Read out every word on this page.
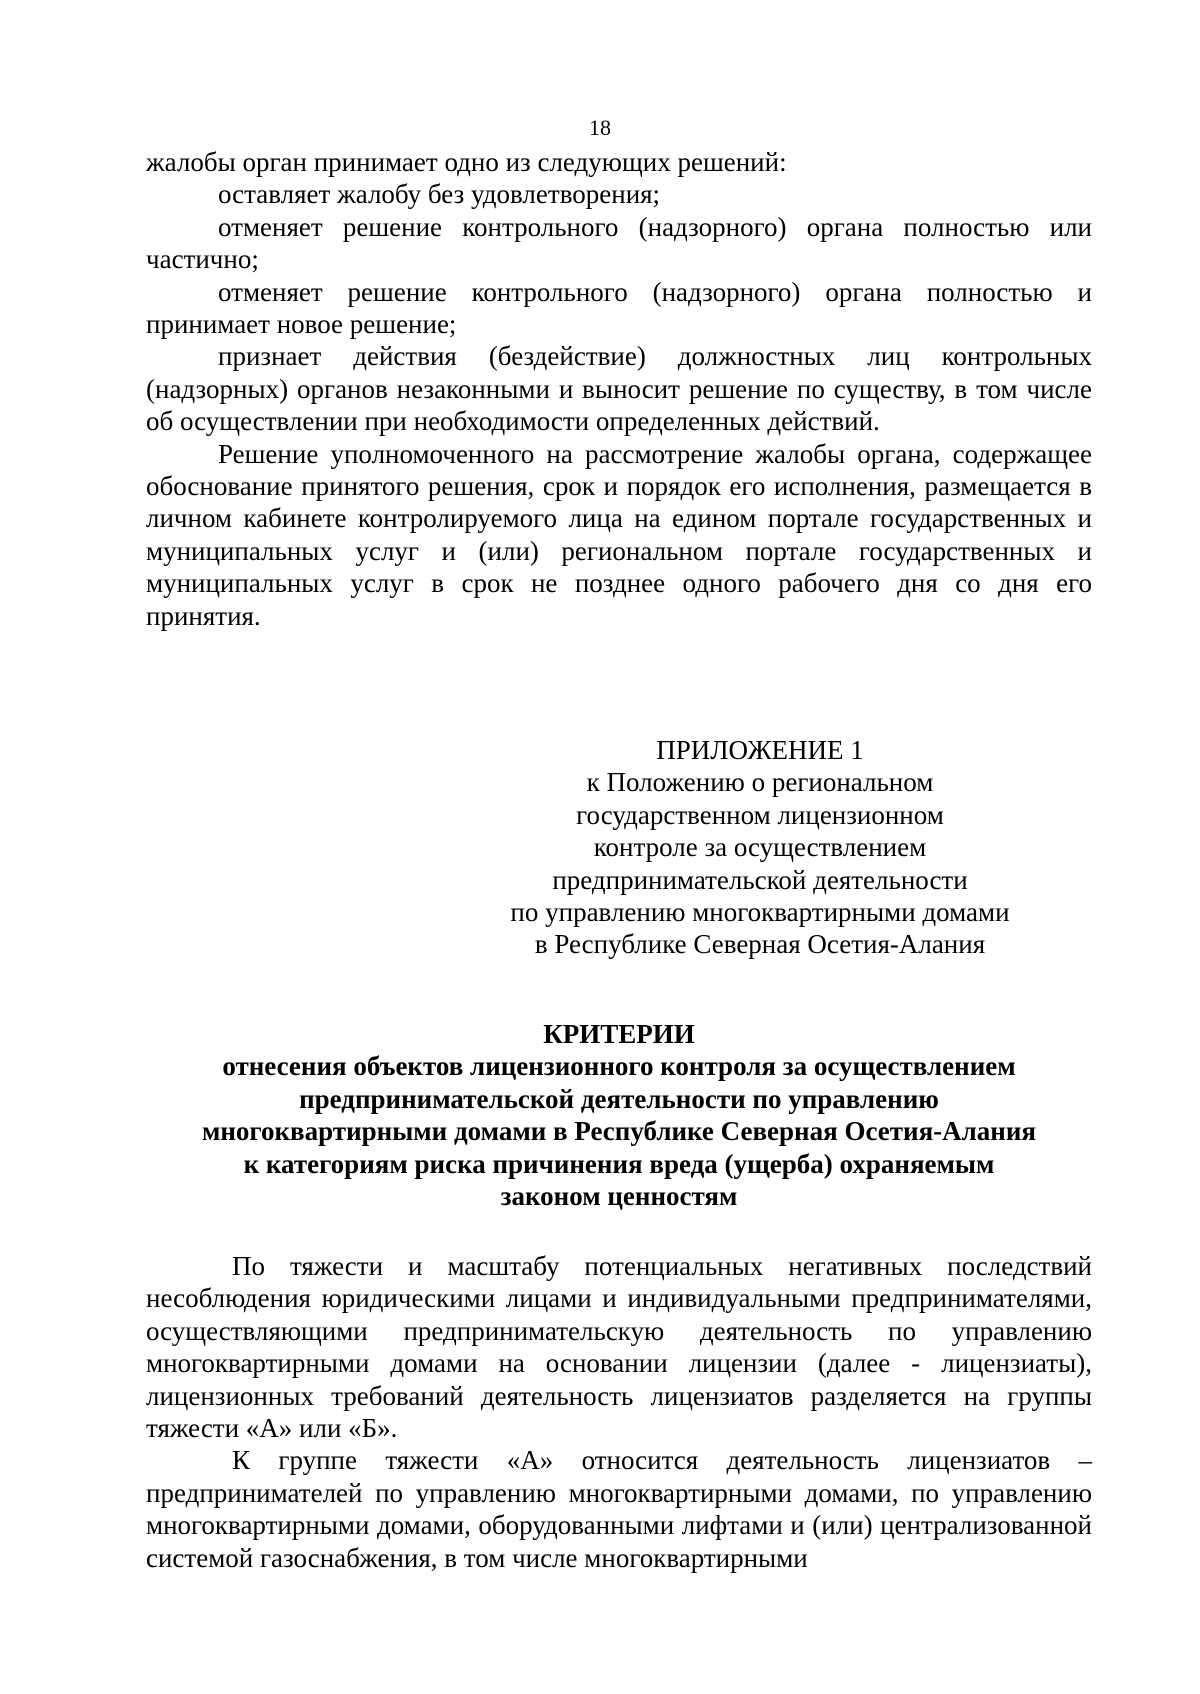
18

жалобы орган принимает одно из следующих решений:

оставляет жалобу без удовлетворения;

отменяет решение контрольного (надзорного) органа полностью или частично;

отменяет решение контрольного (надзорного) органа полностью и принимает новое решение;

признает действия (бездействие) должностных лиц контрольных (надзорных) органов незаконными и выносит решение по существу, в том числе об осуществлении при необходимости определенных действий.

Решение уполномоченного на рассмотрение жалобы органа, содержащее обоснование принятого решения, срок и порядок его исполнения, размещается в личном кабинете контролируемого лица на едином портале государственных и муниципальных услуг и (или) региональном портале государственных и муниципальных услуг в срок не позднее одного рабочего дня со дня его принятия.

ПРИЛОЖЕНИЕ 1
к Положению о региональном
государственном лицензионном
контроле за осуществлением
предпринимательской деятельности
по управлению многоквартирными домами
в Республике Северная Осетия-Алания
КРИТЕРИИ
отнесения объектов лицензионного контроля за осуществлением
предпринимательской деятельности по управлению
многоквартирными домами в Республике Северная Осетия-Алания
к категориям риска причинения вреда (ущерба) охраняемым
законом ценностям

По тяжести и масштабу потенциальных негативных последствий несоблюдения юридическими лицами и индивидуальными предпринимателями, осуществляющими предпринимательскую деятельность по управлению многоквартирными домами на основании лицензии (далее - лицензиаты), лицензионных требований деятельность лицензиатов разделяется на группы тяжести «А» или «Б».

К группе тяжести «А» относится деятельность лицензиатов – предпринимателей по управлению многоквартирными домами, по управлению многоквартирными домами, оборудованными лифтами и (или) централизованной системой газоснабжения, в том числе многоквартирными
